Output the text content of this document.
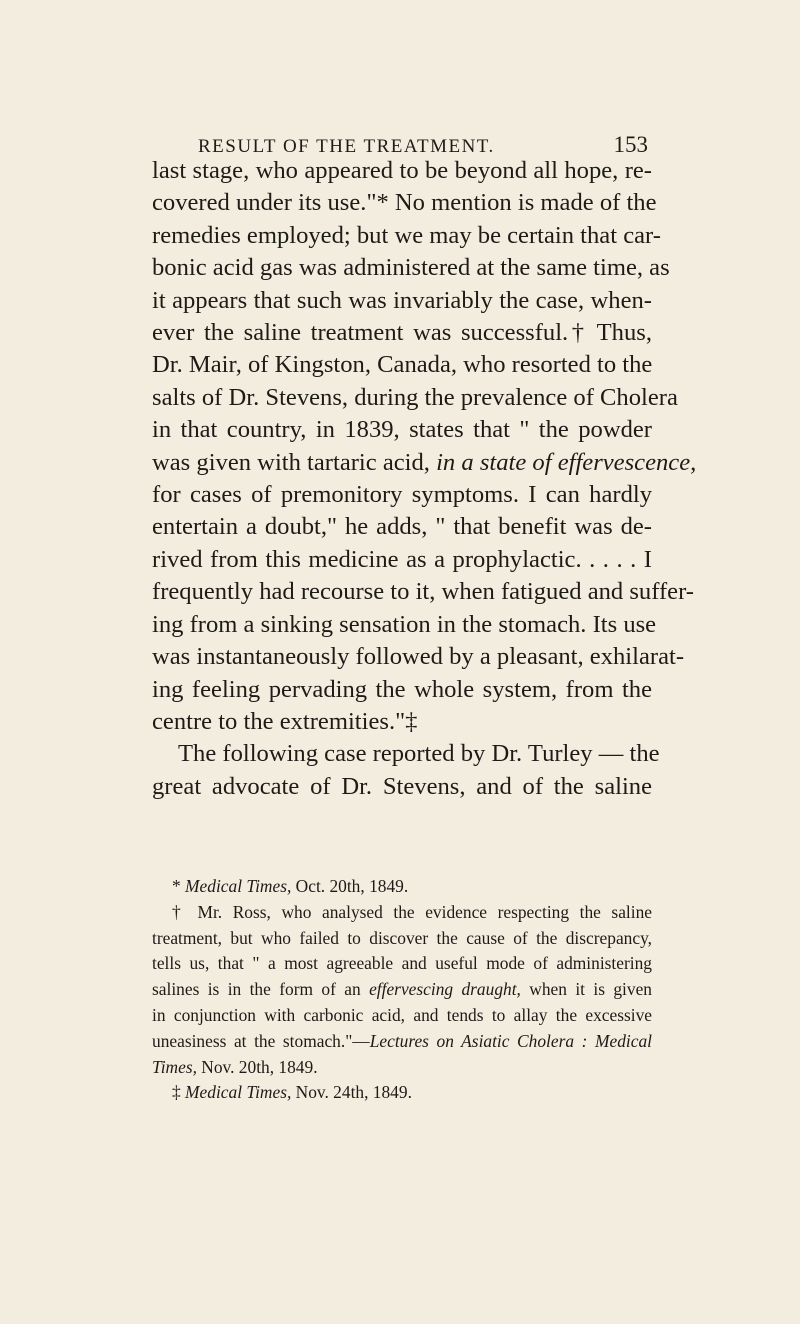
RESULT OF THE TREATMENT.	153
last stage, who appeared to be beyond all hope, re-
covered under its use."* No mention is made of the
remedies employed; but we may be certain that car-
bonic acid gas was administered at the same time, as
it appears that such was invariably the case, when-
ever the saline treatment was successful.† Thus,
Dr. Mair, of Kingston, Canada, who resorted to the
salts of Dr. Stevens, during the prevalence of Cholera
in that country, in 1839, states that " the powder
was given with tartaric acid, in a state of effervescence,
for cases of premonitory symptoms. I can hardly
entertain a doubt," he adds, " that benefit was de-
rived from this medicine as a prophylactic. . . . . I
frequently had recourse to it, when fatigued and suffer-
ing from a sinking sensation in the stomach. Its use
was instantaneously followed by a pleasant, exhilarat-
ing feeling pervading the whole system, from the
centre to the extremities."‡
The following case reported by Dr. Turley — the
great advocate of Dr. Stevens, and of the saline
* Medical Times, Oct. 20th, 1849.
† Mr. Ross, who analysed the evidence respecting the saline
treatment, but who failed to discover the cause of the discrepancy,
tells us, that " a most agreeable and useful mode of administering
salines is in the form of an effervescing draught, when it is given
in conjunction with carbonic acid, and tends to allay the excessive
uneasiness at the stomach."—Lectures on Asiatic Cholera : Medical
Times, Nov. 20th, 1849.
‡ Medical Times, Nov. 24th, 1849.
